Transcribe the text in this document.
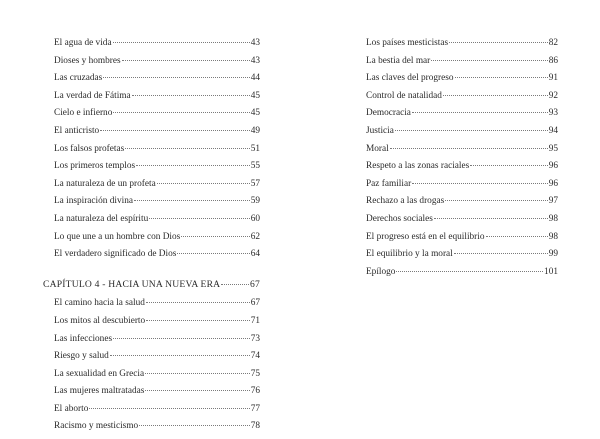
El agua de vida	43
Dioses y hombres	43
Las cruzadas	44
La verdad de Fátima	45
Cielo e infierno	45
El anticristo	49
Los falsos profetas	51
Los primeros templos	55
La naturaleza de un profeta	57
La inspiración divina	59
La naturaleza del espíritu	60
Lo que une a un hombre con Dios	62
El verdadero significado de Dios	64
CAPÍTULO 4 - HACIA UNA NUEVA ERA	67
El camino hacia la salud	67
Los mitos al descubierto	71
Las infecciones	73
Riesgo y salud	74
La sexualidad en Grecia	75
Las mujeres maltratadas	76
El aborto	77
Racismo y mesticismo	78
Los países mesticistas	82
La bestia del mar	86
Las claves del progreso	91
Control de natalidad	92
Democracia	93
Justicia	94
Moral	95
Respeto a las zonas raciales	96
Paz familiar	96
Rechazo a las drogas	97
Derechos sociales	98
El progreso está en el equilibrio	98
El equilibrio y la moral	99
Epílogo	101
